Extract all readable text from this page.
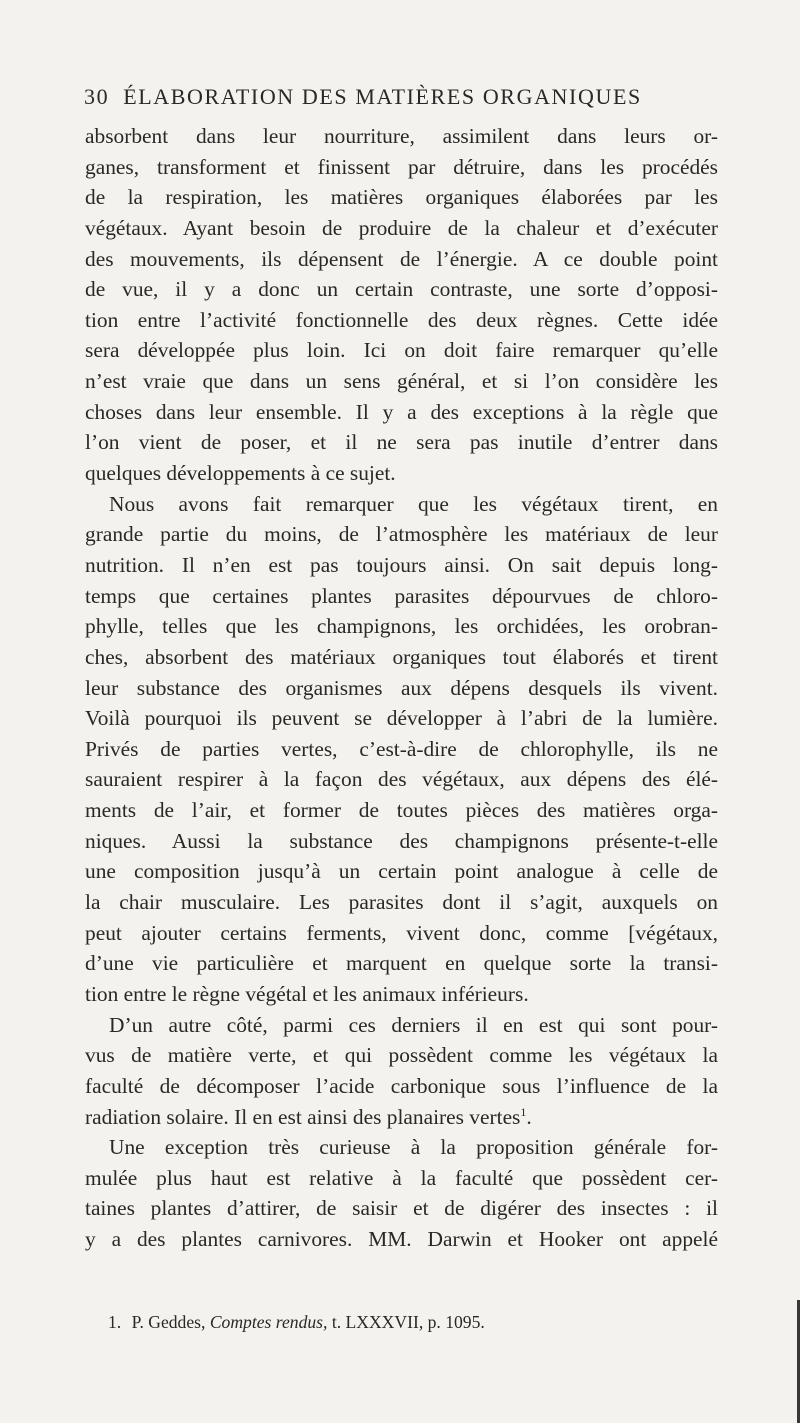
30 ÉLABORATION DES MATIÈRES ORGANIQUES
absorbent dans leur nourriture, assimilent dans leurs or-
ganes, transforment et finissent par détruire, dans les procédés
de la respiration, les matières organiques élaborées par les
végétaux. Ayant besoin de produire de la chaleur et d’exécuter
des mouvements, ils dépensent de l’énergie. A ce double point
de vue, il y a donc un certain contraste, une sorte d’opposi-
tion entre l’activité fonctionnelle des deux règnes. Cette idée
sera développée plus loin. Ici on doit faire remarquer qu’elle
n’est vraie que dans un sens général, et si l’on considère les
choses dans leur ensemble. Il y a des exceptions à la règle que
l’on vient de poser, et il ne sera pas inutile d’entrer dans
quelques développements à ce sujet.
Nous avons fait remarquer que les végétaux tirent, en
grande partie du moins, de l’atmosphère les matériaux de leur
nutrition. Il n’en est pas toujours ainsi. On sait depuis long-
temps que certaines plantes parasites dépourvues de chloro-
phylle, telles que les champignons, les orchidées, les orobran-
ches, absorbent des matériaux organiques tout élaborés et tirent
leur substance des organismes aux dépens desquels ils vivent.
Voilà pourquoi ils peuvent se développer à l’abri de la lumière.
Privés de parties vertes, c’est-à-dire de chlorophylle, ils ne
sauraient respirer à la façon des végétaux, aux dépens des élé-
ments de l’air, et former de toutes pièces des matières orga-
niques. Aussi la substance des champignons présente-t-elle
une composition jusqu’à un certain point analogue à celle de
la chair musculaire. Les parasites dont il s’agit, auxquels on
peut ajouter certains ferments, vivent donc, comme [végétaux,
d’une vie particulière et marquent en quelque sorte la transi-
tion entre le règne végétal et les animaux inférieurs.
D’un autre côté, parmi ces derniers il en est qui sont pour-
vus de matière verte, et qui possèdent comme les végétaux la
faculté de décomposer l’acide carbonique sous l’influence de la
radiation solaire. Il en est ainsi des planaires vertes$^1$.
Une exception très curieuse à la proposition générale for-
mulée plus haut est relative à la faculté que possèdent cer-
taines plantes d’attirer, de saisir et de digérer des insectes : il
y a des plantes carnivores. MM. Darwin et Hooker ont appelé
1. P. Geddes, Comptes rendus, t. LXXXVII, p. 1095.
